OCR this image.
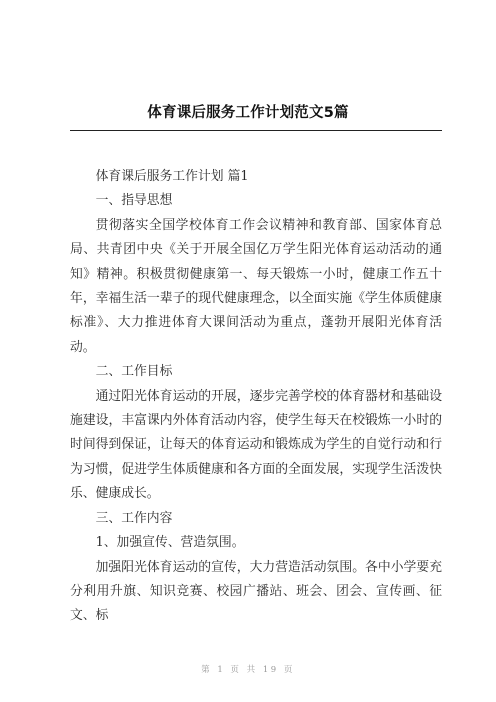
体育课后服务工作计划范文5篇

体育课后服务工作计划 篇1

一、指导思想

贯彻落实全国学校体育工作会议精神和教育部、国家体育总局、共青团中央《关于开展全国亿万学生阳光体育运动活动的通知》精神。积极贯彻健康第一、每天锻炼一小时，健康工作五十年，幸福生活一辈子的现代健康理念，以全面实施《学生体质健康标准》、大力推进体育大课间活动为重点，蓬勃开展阳光体育活动。

二、工作目标

通过阳光体育运动的开展，逐步完善学校的体育器材和基础设施建设，丰富课内外体育活动内容，使学生每天在校锻炼一小时的时间得到保证，让每天的体育运动和锻炼成为学生的自觉行动和行为习惯，促进学生体质健康和各方面的全面发展，实现学生活泼快乐、健康成长。

三、工作内容

1、加强宣传、营造氛围。

加强阳光体育运动的宣传，大力营造活动氛围。各中小学要充分利用升旗、知识竞赛、校园广播站、班会、团会、宣传画、征文、标

第 1 页 共 19 页
